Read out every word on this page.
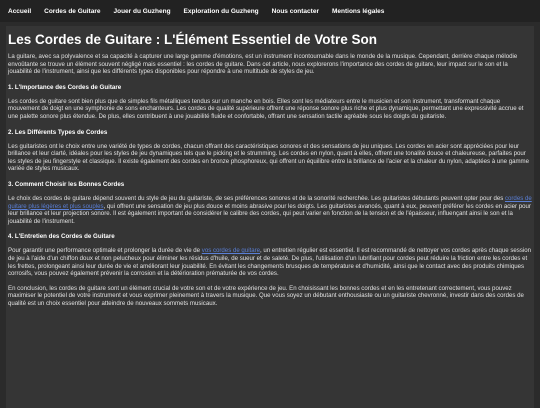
Accueil Cordes de Guitare Jouer du Guzheng Exploration du Guzheng Nous contacter Mentions légales
Les Cordes de Guitare : L'Élément Essentiel de Votre Son

La guitare, avec sa polyvalence et sa capacité à capturer une large gamme d'émotions, est un instrument incontournable dans le monde de la musique. Cependant, derrière chaque mélodie envoûtante se trouve un élément souvent négligé mais essentiel : les cordes de guitare. Dans cet article, nous explorerons l'importance des cordes de guitare, leur impact sur le son et la jouabilité de l'instrument, ainsi que les différents types disponibles pour répondre à une multitude de styles de jeu.

1. L'Importance des Cordes de Guitare

Les cordes de guitare sont bien plus que de simples fils métalliques tendus sur un manche en bois. Elles sont les médiateurs entre le musicien et son instrument, transformant chaque mouvement de doigt en une symphonie de sons enchanteurs. Les cordes de qualité supérieure offrent une réponse sonore plus riche et plus dynamique, permettant une expressivité accrue et une palette sonore plus étendue. De plus, elles contribuent à une jouabilité fluide et confortable, offrant une sensation tactile agréable sous les doigts du guitariste.

2. Les Différents Types de Cordes

Les guitaristes ont le choix entre une variété de types de cordes, chacun offrant des caractéristiques sonores et des sensations de jeu uniques. Les cordes en acier sont appréciées pour leur brillance et leur clarté, idéales pour les styles de jeu dynamiques tels que le picking et le strumming. Les cordes en nylon, quant à elles, offrent une tonalité douce et chaleureuse, parfaites pour les styles de jeu fingerstyle et classique. Il existe également des cordes en bronze phosphoreux, qui offrent un équilibre entre la brillance de l'acier et la chaleur du nylon, adaptées à une gamme variée de styles musicaux.

3. Comment Choisir les Bonnes Cordes

Le choix des cordes de guitare dépend souvent du style de jeu du guitariste, de ses préférences sonores et de la sonorité recherchée. Les guitaristes débutants peuvent opter pour des cordes de guitare plus légères et plus souples, qui offrent une sensation de jeu plus douce et moins abrasive pour les doigts. Les guitaristes avancés, quant à eux, peuvent préférer les cordes en acier pour leur brillance et leur projection sonore. Il est également important de considérer le calibre des cordes, qui peut varier en fonction de la tension et de l'épaisseur, influençant ainsi le son et la jouabilité de l'instrument.

4. L'Entretien des Cordes de Guitare

Pour garantir une performance optimale et prolonger la durée de vie de vos cordes de guitare, un entretien régulier est essentiel. Il est recommandé de nettoyer vos cordes après chaque session de jeu à l'aide d'un chiffon doux et non pelucheux pour éliminer les résidus d'huile, de sueur et de saleté. De plus, l'utilisation d'un lubrifiant pour cordes peut réduire la friction entre les cordes et les frettes, prolongeant ainsi leur durée de vie et améliorant leur jouabilité. En évitant les changements brusques de température et d'humidité, ainsi que le contact avec des produits chimiques corrosifs, vous pouvez également prévenir la corrosion et la détérioration prématurée de vos cordes.

En conclusion, les cordes de guitare sont un élément crucial de votre son et de votre expérience de jeu. En choisissant les bonnes cordes et en les entretenant correctement, vous pouvez maximiser le potentiel de votre instrument et vous exprimer pleinement à travers la musique. Que vous soyez un débutant enthousiaste ou un guitariste chevronné, investir dans des cordes de qualité est un choix essentiel pour atteindre de nouveaux sommets musicaux.
